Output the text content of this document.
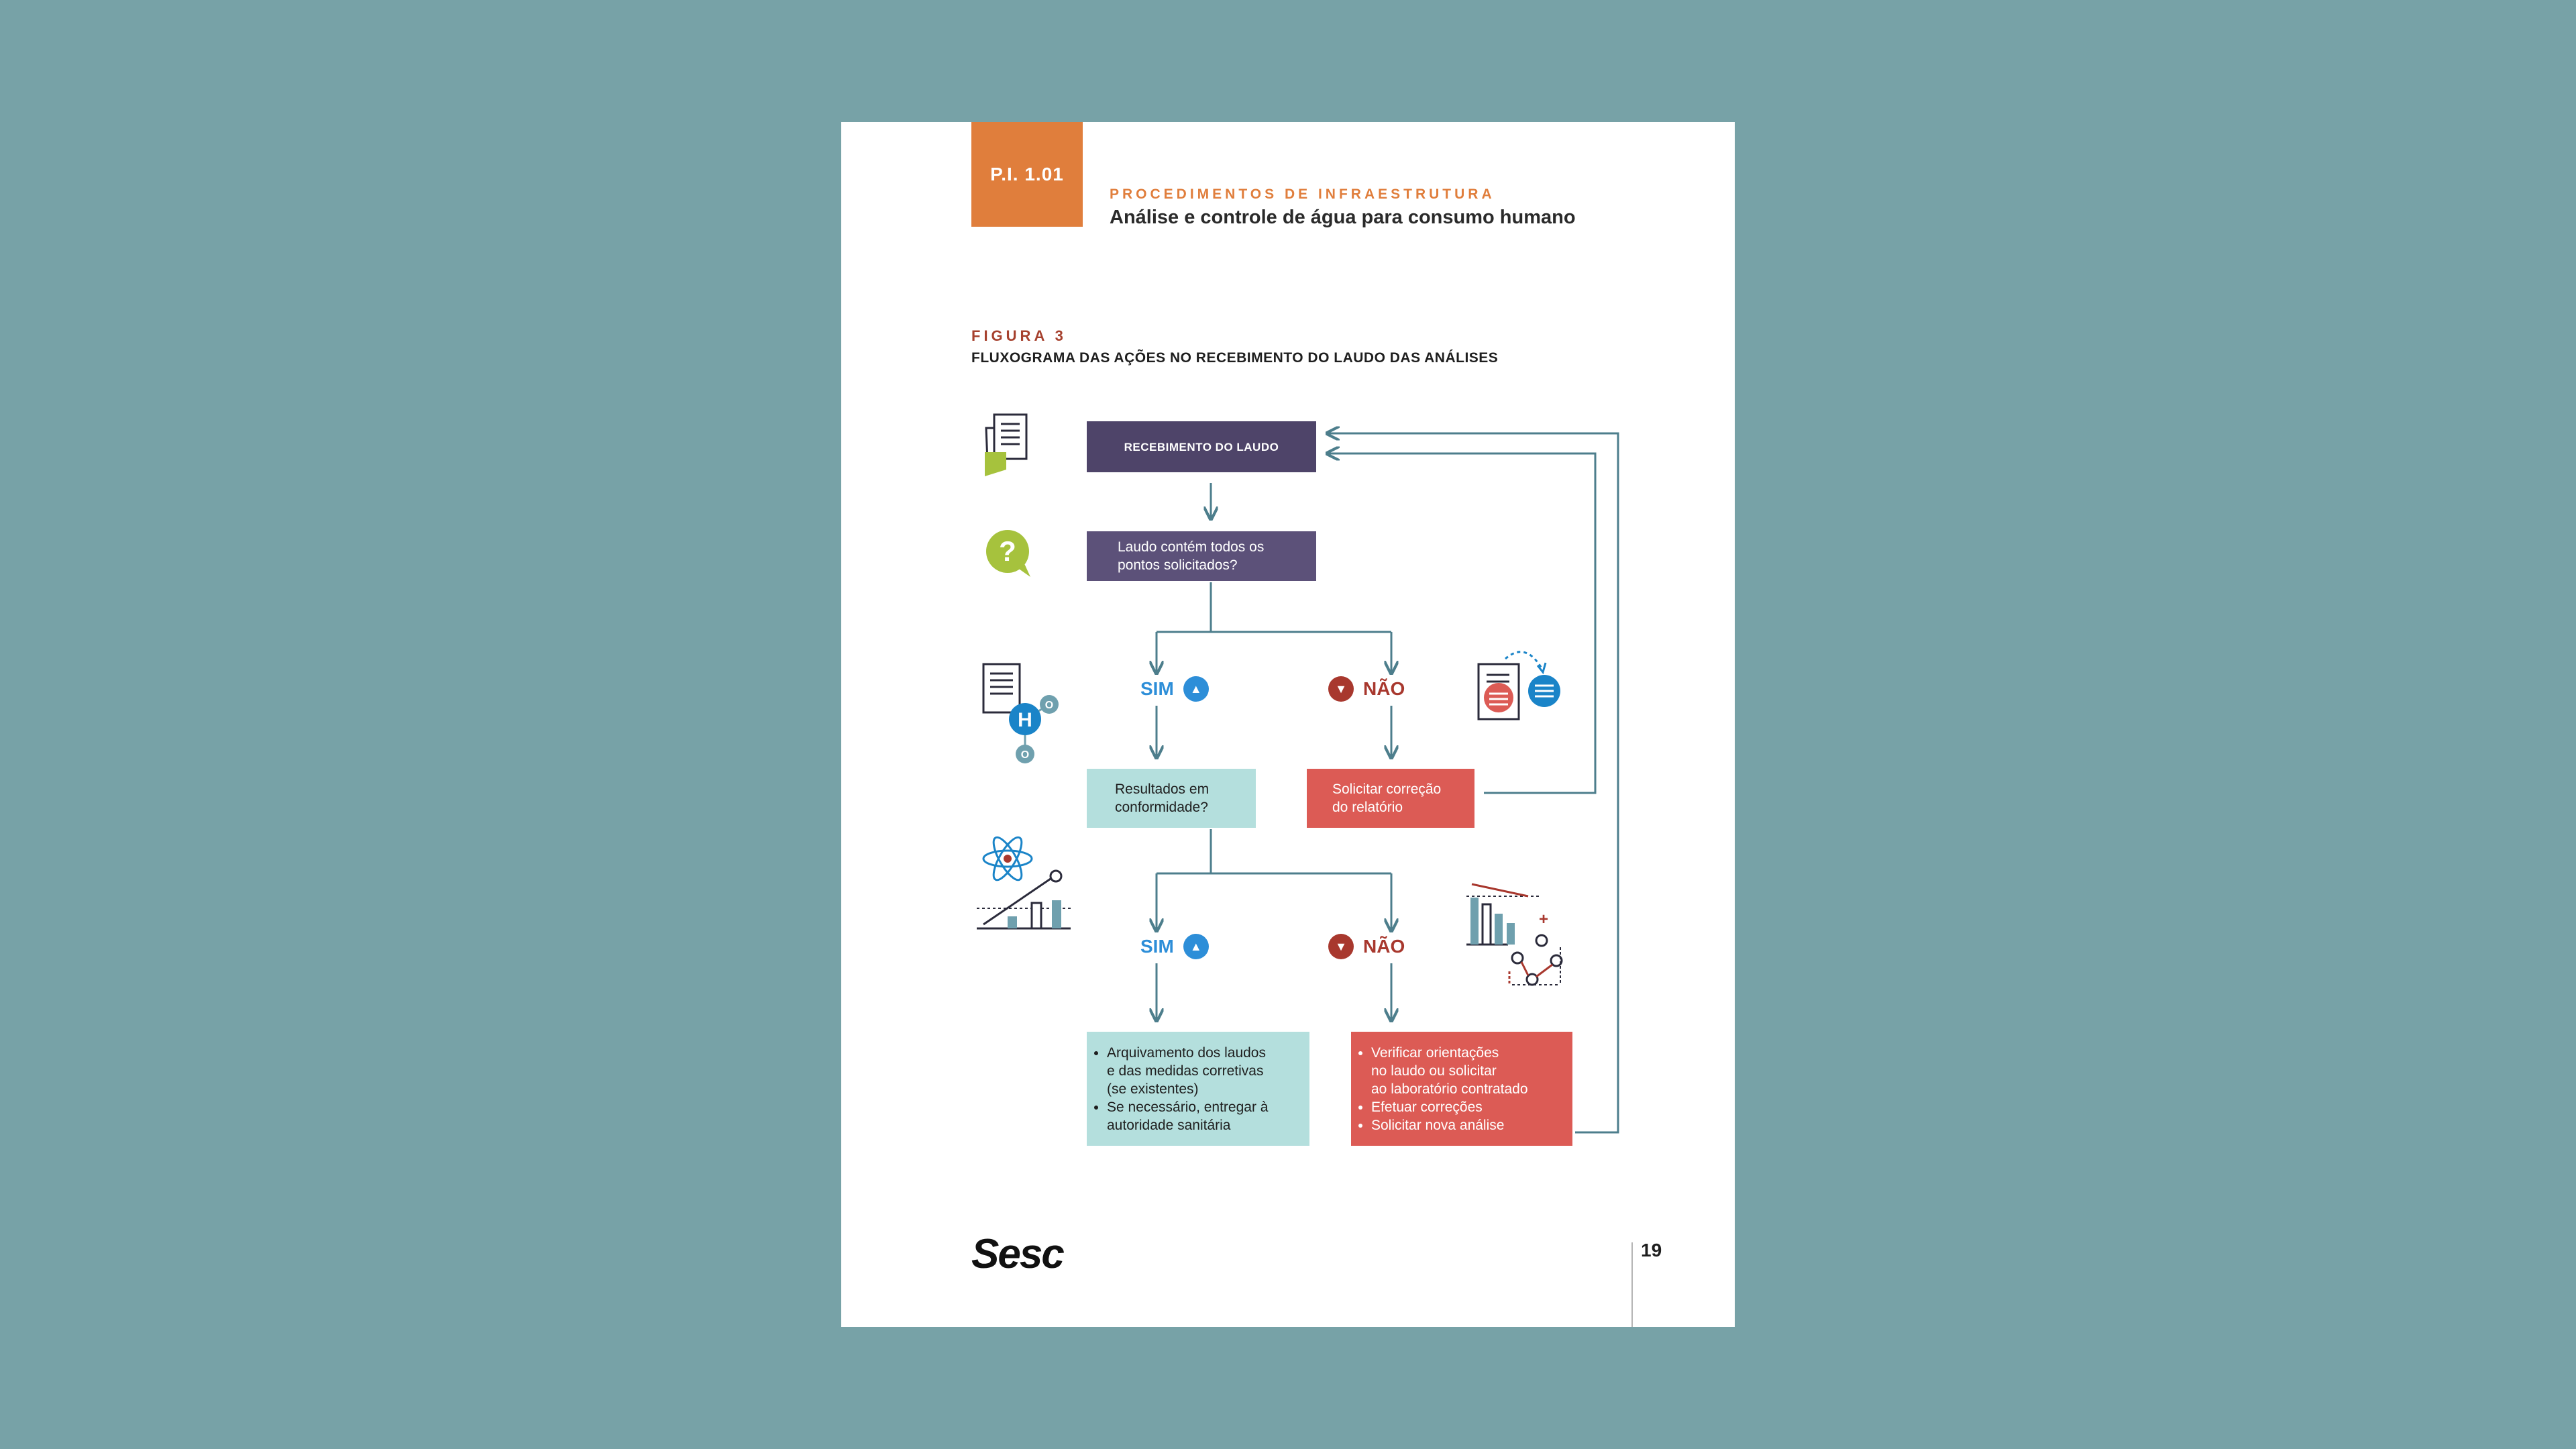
P.I. 1.01
PROCEDIMENTOS DE INFRAESTRUTURA
Análise e controle de água para consumo humano
FIGURA 3
FLUXOGRAMA DAS AÇÕES NO RECEBIMENTO DO LAUDO DAS ANÁLISES
?
H
O
O
+
RECEBIMENTO DO LAUDO
Laudo contém todos os
pontos solicitados?
SIM	▲	▼ NÃO
Resultados em
conformidade?
Solicitar correção
do relatório
SIM	▲	▼ NÃO
• Arquivamento dos laudos
e das medidas corretivas
(se existentes)
• Se necessário, entregar à
autoridade sanitária
• Verificar orientações
no laudo ou solicitar
ao laboratório contratado
• Efetuar correções
• Solicitar nova análise
Sesc	19
